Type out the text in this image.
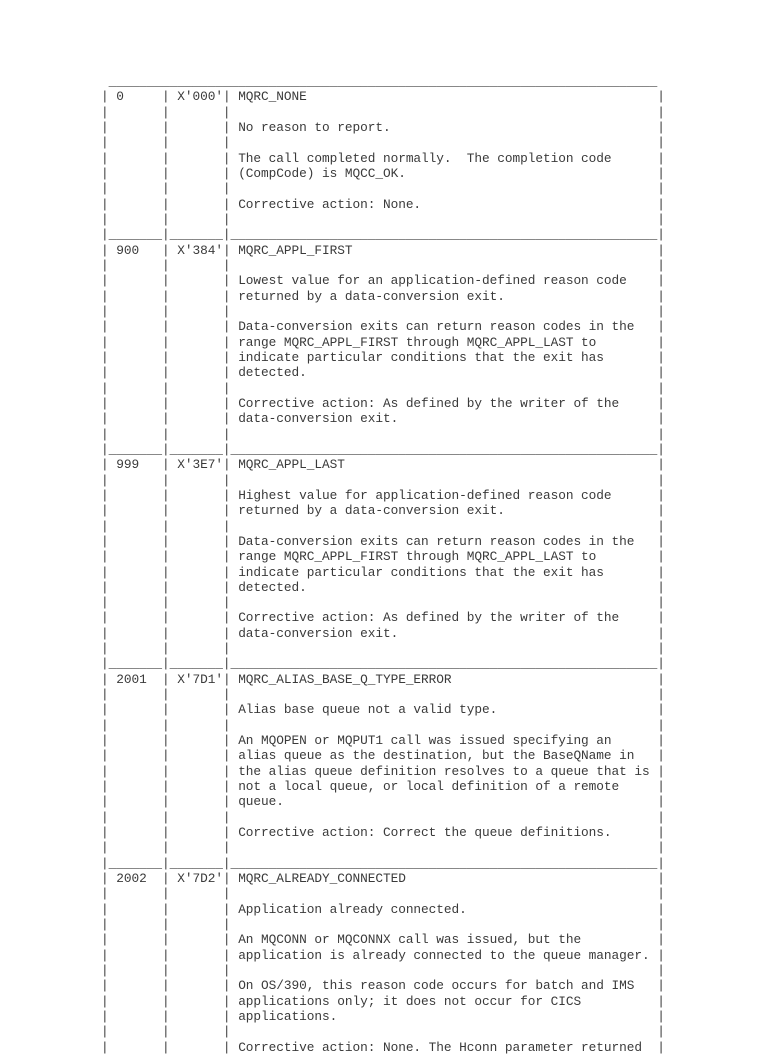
________________________________________________________________________
| 0     | X'000'| MQRC_NONE	|
|       |       |	|
|       |       | No reason to report.	|
|       |       |	|
|       |       | The call completed normally.  The completion code	|
|       |       | (CompCode) is MQCC_OK.	|
|       |       |	|
|       |       | Corrective action: None.	|
|       |       |	|
|_______|_______|________________________________________________________|
| 900   | X'384'| MQRC_APPL_FIRST	|
|       |       |	|
|       |       | Lowest value for an application-defined reason code    |
|       |       | returned by a data-conversion exit.	|
|       |       |	|
|       |       | Data-conversion exits can return reason codes in the   |
|       |       | range MQRC_APPL_FIRST through MQRC_APPL_LAST to	|
|       |       | indicate particular conditions that the exit has	|
|       |       | detected.	|
|       |       |	|
|       |       | Corrective action: As defined by the writer of the	|
|       |       | data-conversion exit.	|
|       |       |	|
|_______|_______|________________________________________________________|
| 999   | X'3E7'| MQRC_APPL_LAST	|
|       |       |	|
|       |       | Highest value for application-defined reason code	|
|       |       | returned by a data-conversion exit.	|
|       |       |	|
|       |       | Data-conversion exits can return reason codes in the   |
|       |       | range MQRC_APPL_FIRST through MQRC_APPL_LAST to	|
|       |       | indicate particular conditions that the exit has	|
|       |       | detected.	|
|       |       |	|
|       |       | Corrective action: As defined by the writer of the	|
|       |       | data-conversion exit.	|
|       |       |	|
|_______|_______|________________________________________________________|
| 2001  | X'7D1'| MQRC_ALIAS_BASE_Q_TYPE_ERROR	|
|       |       |	|
|       |       | Alias base queue not a valid type.	|
|       |       |	|
|       |       | An MQOPEN or MQPUT1 call was issued specifying an	|
|       |       | alias queue as the destination, but the BaseQName in   |
|       |       | the alias queue definition resolves to a queue that is |
|       |       | not a local queue, or local definition of a remote	|
|       |       | queue.	|
|       |       |	|
|       |       | Corrective action: Correct the queue definitions.	|
|       |       |	|
|_______|_______|________________________________________________________|
| 2002  | X'7D2'| MQRC_ALREADY_CONNECTED	|
|       |       |	|
|       |       | Application already connected.	|
|       |       |	|
|       |       | An MQCONN or MQCONNX call was issued, but the	|
|       |       | application is already connected to the queue manager. |
|       |       |	|
|       |       | On OS/390, this reason code occurs for batch and IMS   |
|       |       | applications only; it does not occur for CICS	|
|       |       | applications.	|
|       |       |	|
|       |       | Corrective action: None. The Hconn parameter returned  |
